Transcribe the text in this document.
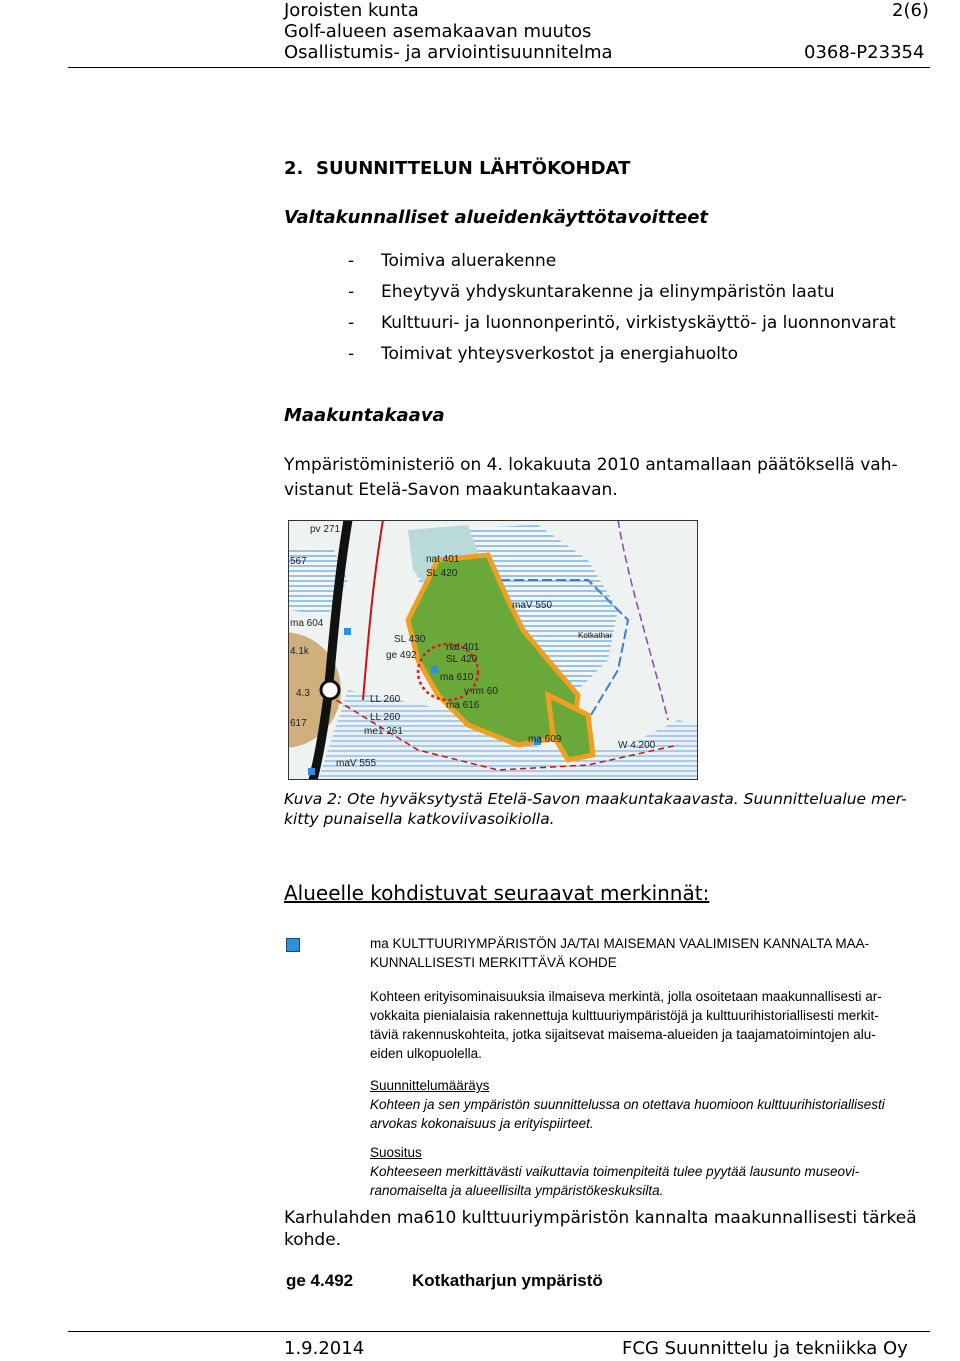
Joroisten kunta	2(6)
Golf-alueen asemakaavan muutos
Osallistumis- ja arviointisuunnitelma	0368-P23354
2. SUUNNITTELUN LÄHTÖKOHDAT
Valtakunnalliset alueidenkäyttötavoitteet
- Toimiva aluerakenne
- Eheytyvä yhdyskuntarakenne ja elinympäristön laatu
- Kulttuuri- ja luonnonperintö, virkistyskäyttö- ja luonnonvarat
- Toimivat yhteysverkostot ja energiahuolto
Maakuntakaava
Ympäristöministeriö on 4. lokakuuta 2010 antamallaan päätöksellä vah-
vistanut Etelä-Savon maakuntakaavan.
pv 271
567	nat 401
SL 420
maV 550
Kotkathar
ma 604
SL 430
ge 492
nat 401
SL 420
ma 610
v-rm 60
ma 616
4.1k
4.3
LL 260
LL 260
me1 261
617
ma 609
W 4.200
maV 555
Kuva 2: Ote hyväksytystä Etelä-Savon maakuntakaavasta. Suunnittelualue mer-
kitty punaisella katkoviivasoikiolla.
Alueelle kohdistuvat seuraavat merkinnät:
ma KULTTUURIYMPÄRISTÖN JA/TAI MAISEMAN VAALIMISEN KANNALTA MAA-
KUNNALLISESTI MERKITTÄVÄ KOHDE
Kohteen erityisominaisuuksia ilmaiseva merkintä, jolla osoitetaan maakunnallisesti ar-
vokkaita pienialaisia rakennettuja kulttuuriympäristöjä ja kulttuurihistoriallisesti merkit-
täviä rakennuskohteita, jotka sijaitsevat maisema-alueiden ja taajamatoimintojen alu-
eiden ulkopuolella.
Suunnittelumääräys
Kohteen ja sen ympäristön suunnittelussa on otettava huomioon kulttuurihistoriallisesti
arvokas kokonaisuus ja erityispiirteet.
Suositus
Kohteeseen merkittävästi vaikuttavia toimenpiteitä tulee pyytää lausunto museovi-
ranomaiselta ja alueellisilta ympäristökeskuksilta.
Karhulahden ma610 kulttuuriympäristön kannalta maakunnallisesti tärkeä
kohde.
ge 4.492	Kotkatharjun ympäristö
1.9.2014	FCG Suunnittelu ja tekniikka Oy
